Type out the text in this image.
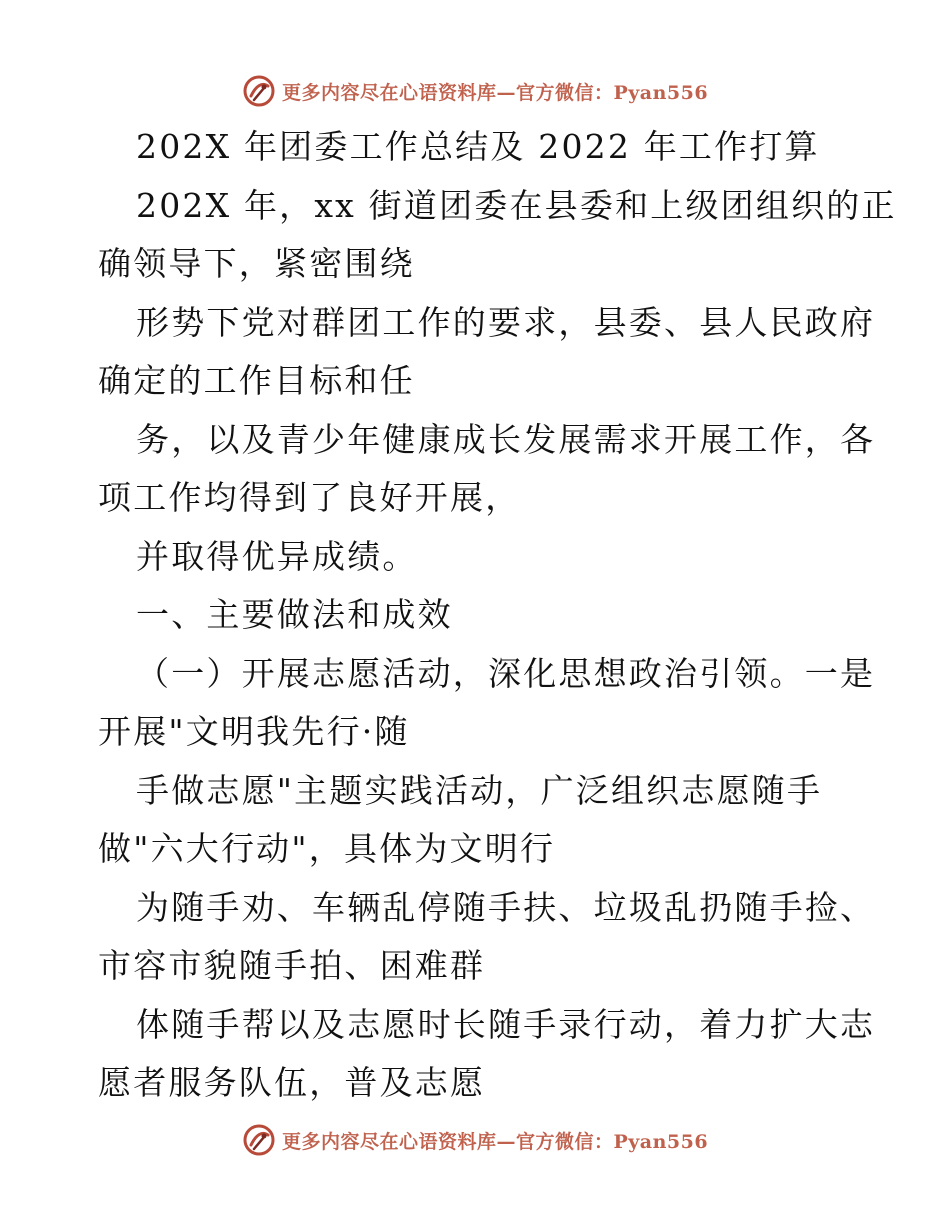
更多内容尽在心语资料库—官方微信：Pyan556
202X 年团委工作总结及 2022 年工作打算
202X 年，xx 街道团委在县委和上级团组织的正
确领导下，紧密围绕
形势下党对群团工作的要求，县委、县人民政府
确定的工作目标和任
务，以及青少年健康成长发展需求开展工作，各
项工作均得到了良好开展，
并取得优异成绩。
一、主要做法和成效
（一）开展志愿活动，深化思想政治引领。一是
开展"文明我先行·随
手做志愿"主题实践活动，广泛组织志愿随手
做"六大行动"，具体为文明行
为随手劝、车辆乱停随手扶、垃圾乱扔随手捡、
市容市貌随手拍、困难群
体随手帮以及志愿时长随手录行动，着力扩大志
愿者服务队伍，普及志愿
更多内容尽在心语资料库—官方微信：Pyan556
